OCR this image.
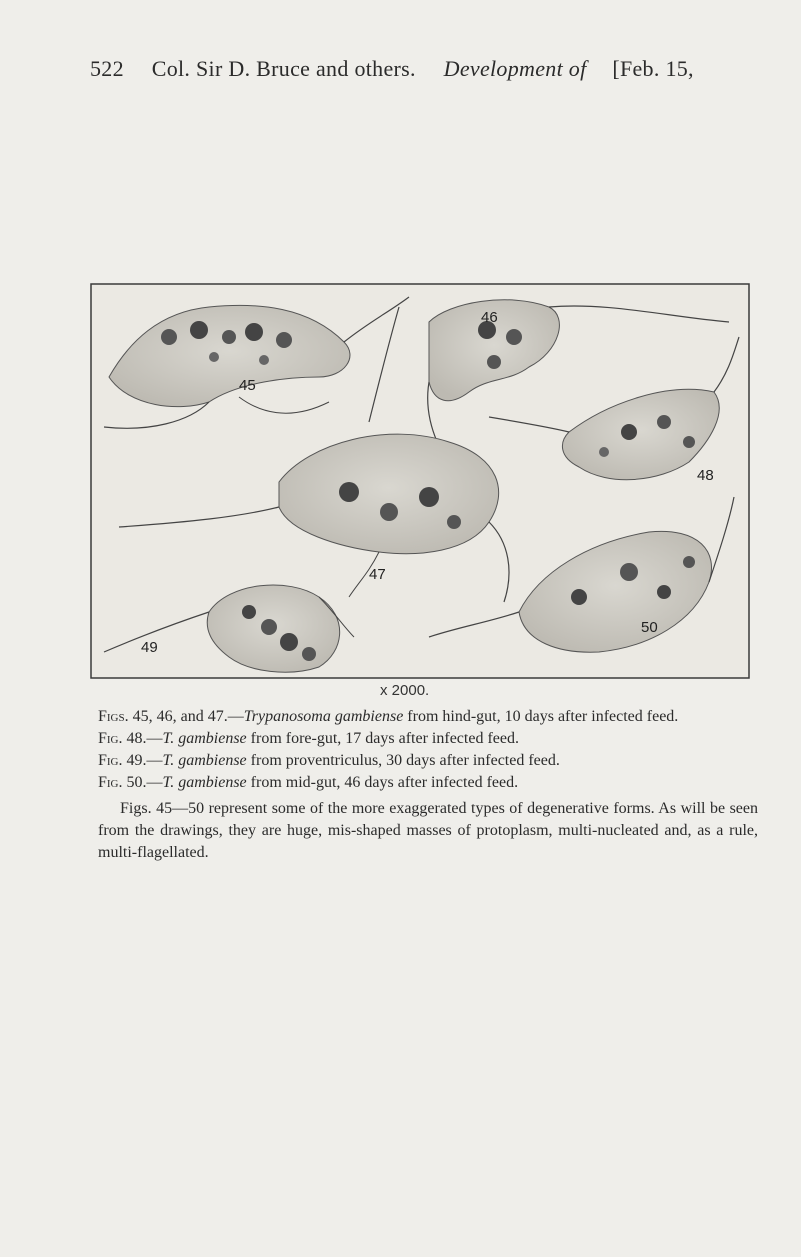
522 Col. Sir D. Bruce and others. Development of [Feb. 15,
45
46
47
48
49
50
x 2000.
Figs. 45, 46, and 47.—Trypanosoma gambiense from hind-gut, 10 days after infected feed.
Fig. 48.—T. gambiense from fore-gut, 17 days after infected feed.
Fig. 49.—T. gambiense from proventriculus, 30 days after infected feed.
Fig. 50.—T. gambiense from mid-gut, 46 days after infected feed.

Figs. 45—50 represent some of the more exaggerated types of degenerative forms. As will be seen from the drawings, they are huge, mis-shaped masses of protoplasm, multi-nucleated and, as a rule, multi-flagellated.
